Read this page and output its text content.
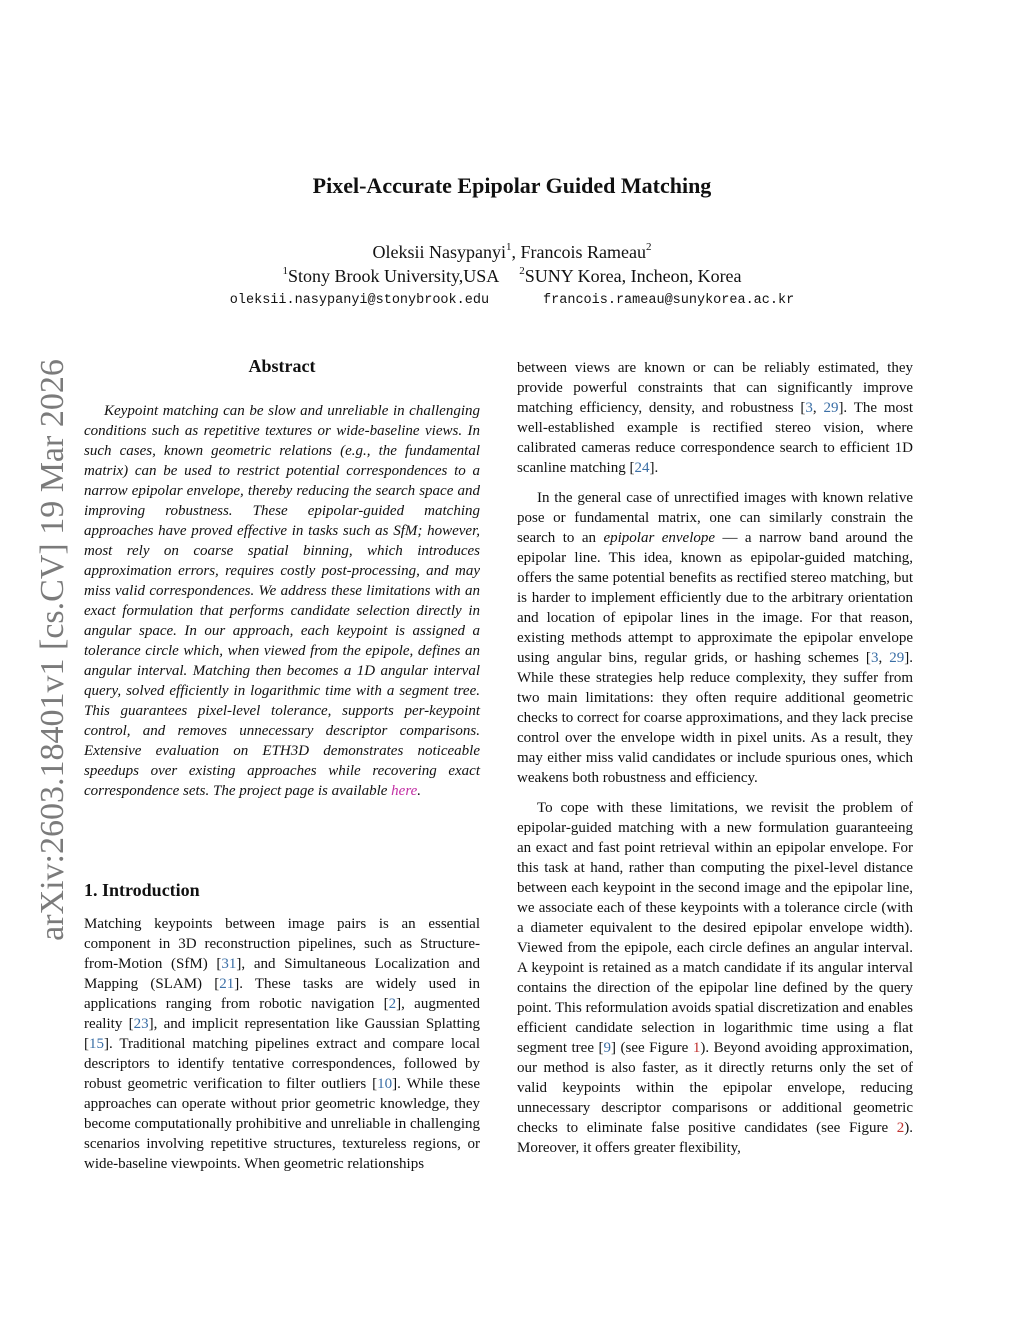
arXiv:2603.18401v1 [cs.CV] 19 Mar 2026
Pixel-Accurate Epipolar Guided Matching
Oleksii Nasypanyi$^1$, Francois Rameau$^2$
$^1$Stony Brook University,USA $^2$SUNY Korea, Incheon, Korea
oleksii.nasypanyi@stonybrook.edu	francois.rameau@sunykorea.ac.kr
Abstract
Keypoint matching can be slow and unreliable in challenging conditions such as repetitive textures or wide-baseline views. In such cases, known geometric relations (e.g., the fundamental matrix) can be used to restrict potential correspondences to a narrow epipolar envelope, thereby reducing the search space and improving robustness. These epipolar-guided matching approaches have proved effective in tasks such as SfM; however, most rely on coarse spatial binning, which introduces approximation errors, requires costly post-processing, and may miss valid correspondences. We address these limitations with an exact formulation that performs candidate selection directly in angular space. In our approach, each keypoint is assigned a tolerance circle which, when viewed from the epipole, defines an angular interval. Matching then becomes a 1D angular interval query, solved efficiently in logarithmic time with a segment tree. This guarantees pixel-level tolerance, supports per-keypoint control, and removes unnecessary descriptor comparisons. Extensive evaluation on ETH3D demonstrates noticeable speedups over existing approaches while recovering exact correspondence sets. The project page is available here.
1. Introduction
Matching keypoints between image pairs is an essential component in 3D reconstruction pipelines, such as Structure-from-Motion (SfM) [31], and Simultaneous Localization and Mapping (SLAM) [21]. These tasks are widely used in applications ranging from robotic navigation [2], augmented reality [23], and implicit representation like Gaussian Splatting [15]. Traditional matching pipelines extract and compare local descriptors to identify tentative correspondences, followed by robust geometric verification to filter outliers [10]. While these approaches can operate without prior geometric knowledge, they become computationally prohibitive and unreliable in challenging scenarios involving repetitive structures, textureless regions, or wide-baseline viewpoints. When geometric relationships

between views are known or can be reliably estimated, they provide powerful constraints that can significantly improve matching efficiency, density, and robustness [3, 29]. The most well-established example is rectified stereo vision, where calibrated cameras reduce correspondence search to efficient 1D scanline matching [24].

In the general case of unrectified images with known relative pose or fundamental matrix, one can similarly constrain the search to an epipolar envelope — a narrow band around the epipolar line. This idea, known as epipolar-guided matching, offers the same potential benefits as rectified stereo matching, but is harder to implement efficiently due to the arbitrary orientation and location of epipolar lines in the image. For that reason, existing methods attempt to approximate the epipolar envelope using angular bins, regular grids, or hashing schemes [3, 29]. While these strategies help reduce complexity, they suffer from two main limitations: they often require additional geometric checks to correct for coarse approximations, and they lack precise control over the envelope width in pixel units. As a result, they may either miss valid candidates or include spurious ones, which weakens both robustness and efficiency.

To cope with these limitations, we revisit the problem of epipolar-guided matching with a new formulation guaranteeing an exact and fast point retrieval within an epipolar envelope. For this task at hand, rather than computing the pixel-level distance between each keypoint in the second image and the epipolar line, we associate each of these keypoints with a tolerance circle (with a diameter equivalent to the desired epipolar envelope width). Viewed from the epipole, each circle defines an angular interval. A keypoint is retained as a match candidate if its angular interval contains the direction of the epipolar line defined by the query point. This reformulation avoids spatial discretization and enables efficient candidate selection in logarithmic time using a flat segment tree [9] (see Figure 1). Beyond avoiding approximation, our method is also faster, as it directly returns only the set of valid keypoints within the epipolar envelope, reducing unnecessary descriptor comparisons or additional geometric checks to eliminate false positive candidates (see Figure 2). Moreover, it offers greater flexibility,
